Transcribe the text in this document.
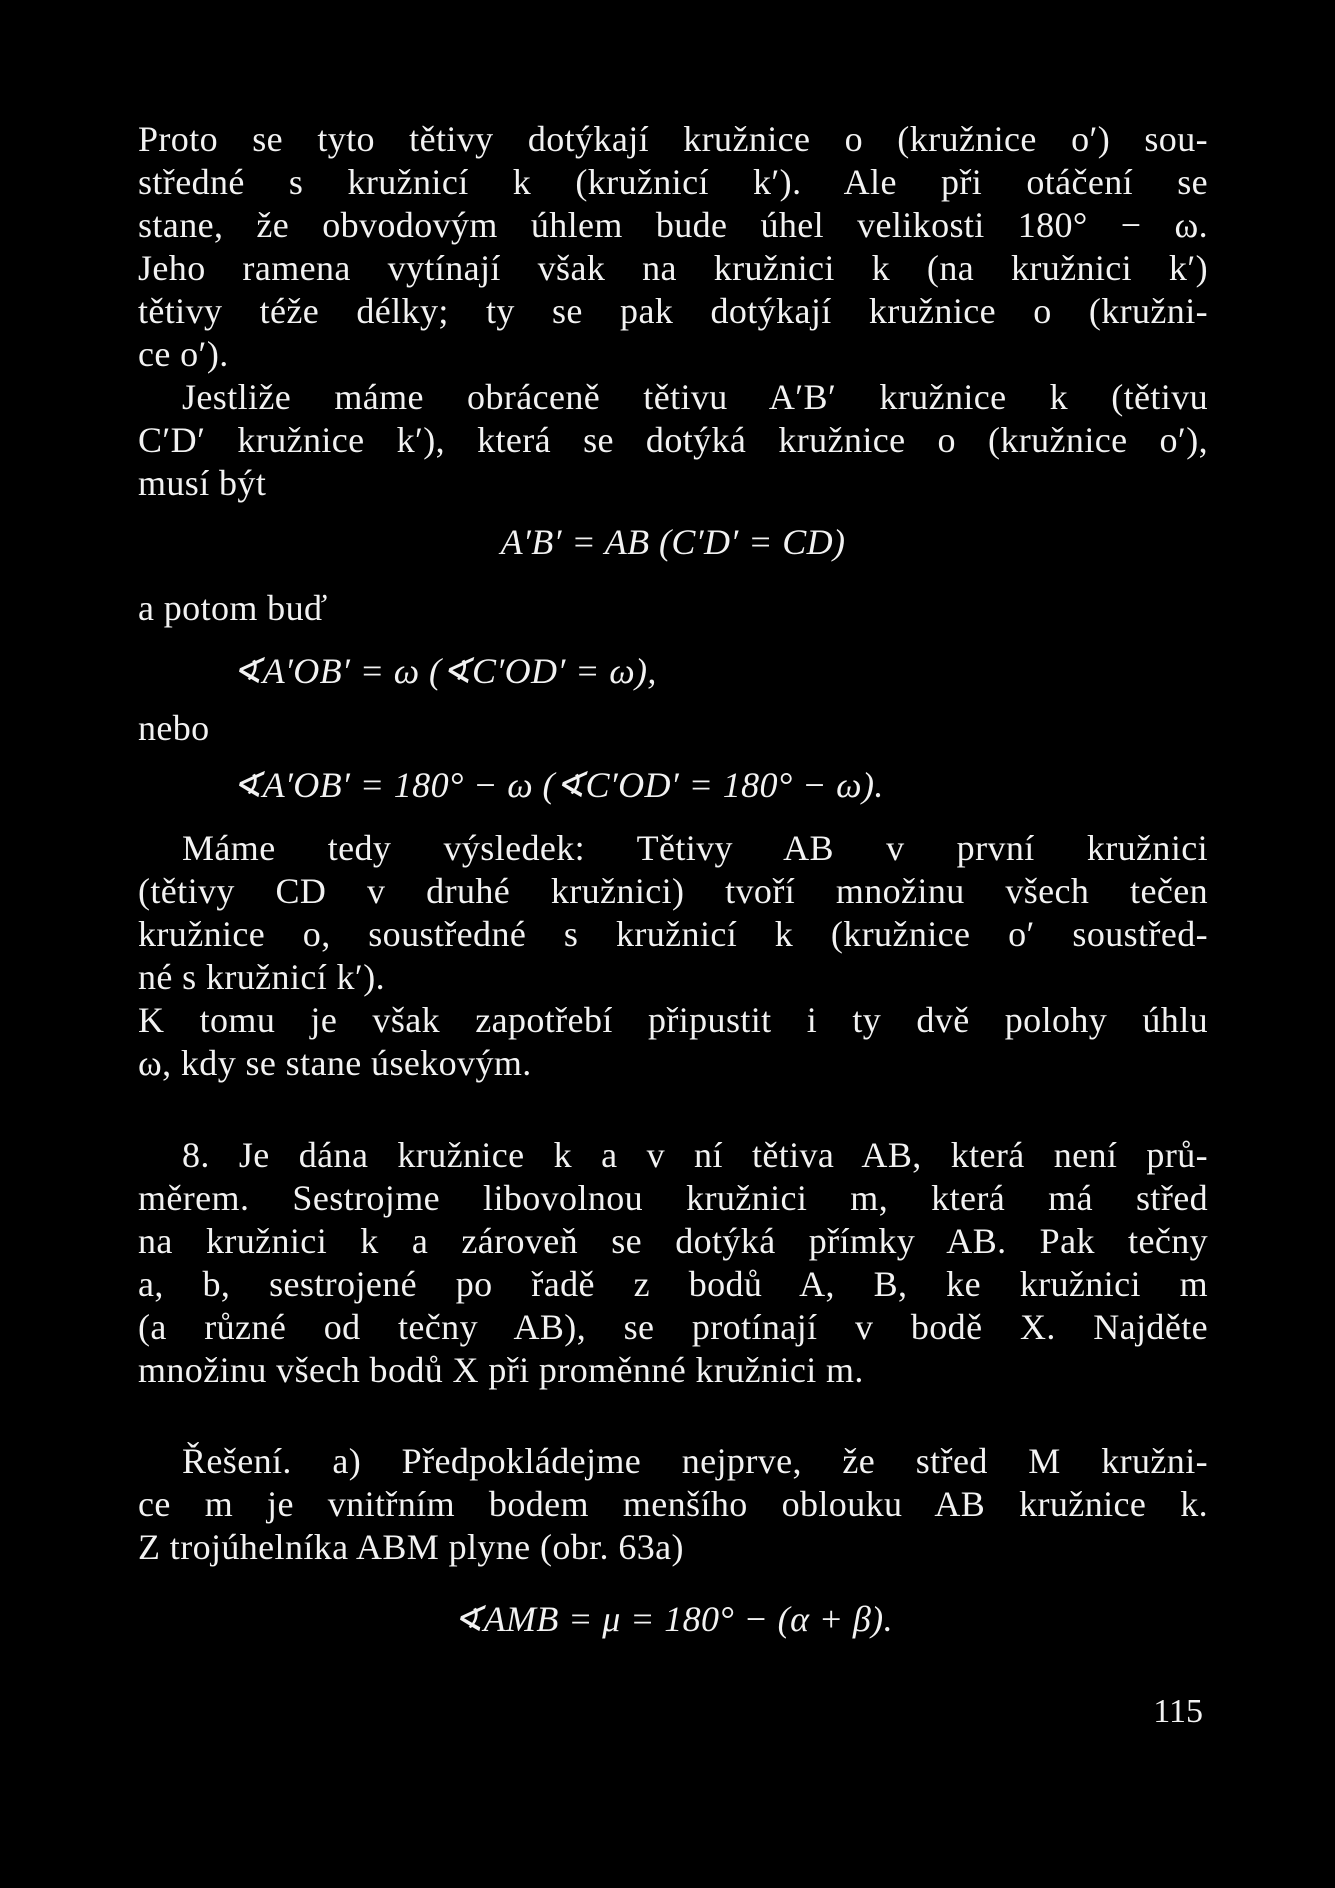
Proto se tyto tětivy dotýkají kružnice o (kružnice o′) sou-
středné s kružnicí k (kružnicí k′). Ale při otáčení se
stane, že obvodovým úhlem bude úhel velikosti 180° − ω.
Jeho ramena vytínají však na kružnici k (na kružnici k′)
tětivy téže délky; ty se pak dotýkají kružnice o (kružni-
ce o′).
Jestliže máme obráceně tětivu A′B′ kružnice k (tětivu
C′D′ kružnice k′), která se dotýká kružnice o (kružnice o′),
musí být
A′B′ = AB (C′D′ = CD)
a potom buď
∢A′OB′ = ω (∢C′OD′ = ω),
nebo
∢A′OB′ = 180° − ω (∢C′OD′ = 180° − ω).
Máme tedy výsledek: Tětivy AB v první kružnici
(tětivy CD v druhé kružnici) tvoří množinu všech tečen
kružnice o, soustředné s kružnicí k (kružnice o′ soustřed-
né s kružnicí k′).
K tomu je však zapotřebí připustit i ty dvě polohy úhlu
ω, kdy se stane úsekovým.
8. Je dána kružnice k a v ní tětiva AB, která není prů-
měrem. Sestrojme libovolnou kružnici m, která má střed
na kružnici k a zároveň se dotýká přímky AB. Pak tečny
a, b, sestrojené po řadě z bodů A, B, ke kružnici m
(a různé od tečny AB), se protínají v bodě X. Najděte
množinu všech bodů X při proměnné kružnici m.
Řešení. a) Předpokládejme nejprve, že střed M kružni-
ce m je vnitřním bodem menšího oblouku AB kružnice k.
Z trojúhelníka ABM plyne (obr. 63a)
∢AMB = μ = 180° − (α + β).
115
